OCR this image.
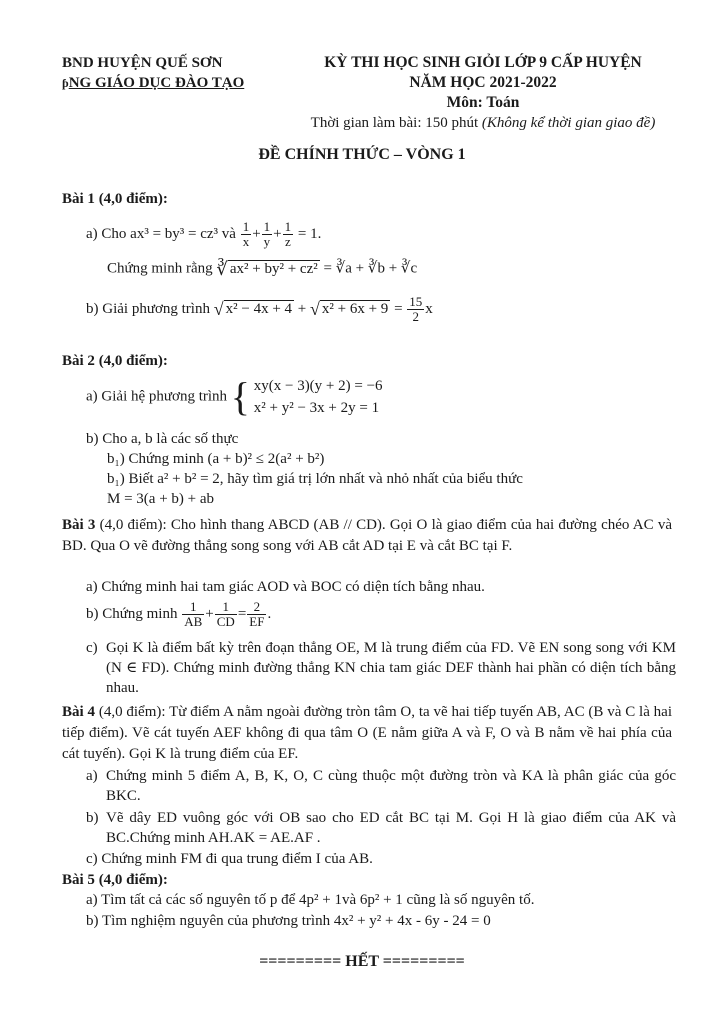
BND HUYỆN QUẾ SƠN
ƥNG GIÁO DỤC ĐÀO TẠO
KỲ THI HỌC SINH GIỎI LỚP 9 CẤP HUYỆN
NĂM HỌC 2021-2022
Môn: Toán
Thời gian làm bài: 150 phút (Không kể thời gian giao đề)
ĐỀ CHÍNH THỨC – VÒNG 1
Bài 1 (4,0 điểm):
a) Cho ax³ = by³ = cz³ và $\frac{1}{x} + \frac{1}{y} + \frac{1}{z} = 1$.
Chứng minh rằng ∛ ax² + by² + cz² = ∛a + ∛b + ∛c
b) Giải phương trình √ x² − 4x + 4 + √ $x^2 + 6x + 9 = \frac{15}{2}$ x
Bài 2 (4,0 điểm):
a) Giải hệ phương trình { xy(x − 3)(y + 2) = −6
x² + y² − 3x + 2y = 1
b) Cho a, b là các số thực
b₁) Chứng minh (a + b)² ≤ 2(a² + b²)
b₁) Biết a² + b² = 2, hãy tìm giá trị lớn nhất và nhỏ nhất của biểu thức
M = 3(a + b) + ab
Bài 3 (4,0 điểm): Cho hình thang ABCD (AB // CD). Gọi O là giao điểm của hai đường chéo AC và BD. Qua O vẽ đường thẳng song song với AB cắt AD tại E và cắt BC tại F.
a) Chứng minh hai tam giác AOD và BOC có diện tích bằng nhau.
b) Chứng minh $\frac{1}{AB} + \frac{1}{CD} = \frac{2}{EF}$ .
c) Gọi K là điểm bất kỳ trên đoạn thẳng OE, M là trung điểm của FD. Vẽ EN song song với KM (N ∈ FD). Chứng minh đường thẳng KN chia tam giác DEF thành hai phần có diện tích bằng nhau.
Bài 4 (4,0 điểm): Từ điểm A nằm ngoài đường tròn tâm O, ta vẽ hai tiếp tuyến AB, AC (B và C là hai tiếp điểm). Vẽ cát tuyến AEF không đi qua tâm O (E nằm giữa A và F, O và B nằm về hai phía của cát tuyến). Gọi K là trung điểm của EF.
a) Chứng minh 5 điểm A, B, K, O, C cùng thuộc một đường tròn và KA là phân giác của góc BKC.
b) Vẽ dây ED vuông góc với OB sao cho ED cắt BC tại M. Gọi H là giao điểm của AK và BC.Chứng minh AH.AK = AE.AF .
c) Chứng minh FM đi qua trung điểm I của AB.
Bài 5 (4,0 điểm):
a) Tìm tất cả các số nguyên tố p để 4p² + 1và 6p² + 1 cũng là số nguyên tố.
b) Tìm nghiệm nguyên của phương trình 4x² + y² + 4x - 6y - 24 = 0
========= HẾT =========
